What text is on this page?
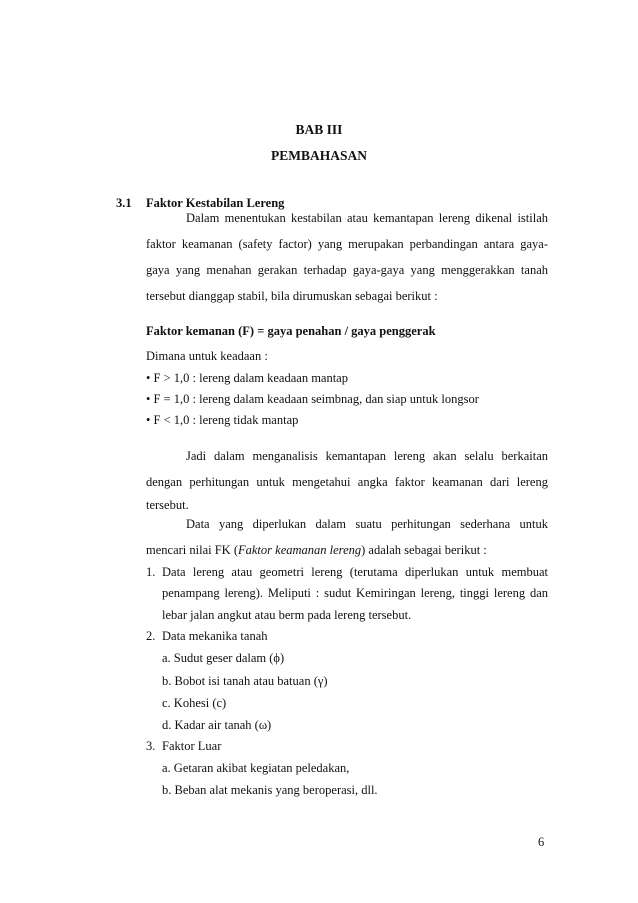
BAB III
PEMBAHASAN
3.1 Faktor Kestabilan Lereng
Dalam menentukan kestabilan atau kemantapan lereng dikenal istilah
faktor keamanan (safety factor) yang merupakan perbandingan antara gaya-
gaya yang menahan gerakan terhadap gaya-gaya yang menggerakkan tanah
tersebut dianggap stabil, bila dirumuskan sebagai berikut :
Faktor kemanan (F) = gaya penahan / gaya penggerak
Dimana untuk keadaan :
• F > 1,0 : lereng dalam keadaan mantap
• F = 1,0 : lereng dalam keadaan seimbnag, dan siap untuk longsor
• F < 1,0 : lereng tidak mantap
Jadi dalam menganalisis kemantapan lereng akan selalu berkaitan
dengan perhitungan untuk mengetahui angka faktor keamanan dari lereng
tersebut.
Data yang diperlukan dalam suatu perhitungan sederhana untuk
mencari nilai FK (Faktor keamanan lereng) adalah sebagai berikut :
1. Data lereng atau geometri lereng (terutama diperlukan untuk membuat
penampang lereng). Meliputi : sudut Kemiringan lereng, tinggi lereng dan
lebar jalan angkut atau berm pada lereng tersebut.
2. Data mekanika tanah
a. Sudut geser dalam (ϕ)
b. Bobot isi tanah atau batuan (γ)
c. Kohesi (c)
d. Kadar air tanah (ω)
3. Faktor Luar
a. Getaran akibat kegiatan peledakan,
b. Beban alat mekanis yang beroperasi, dll.
6
